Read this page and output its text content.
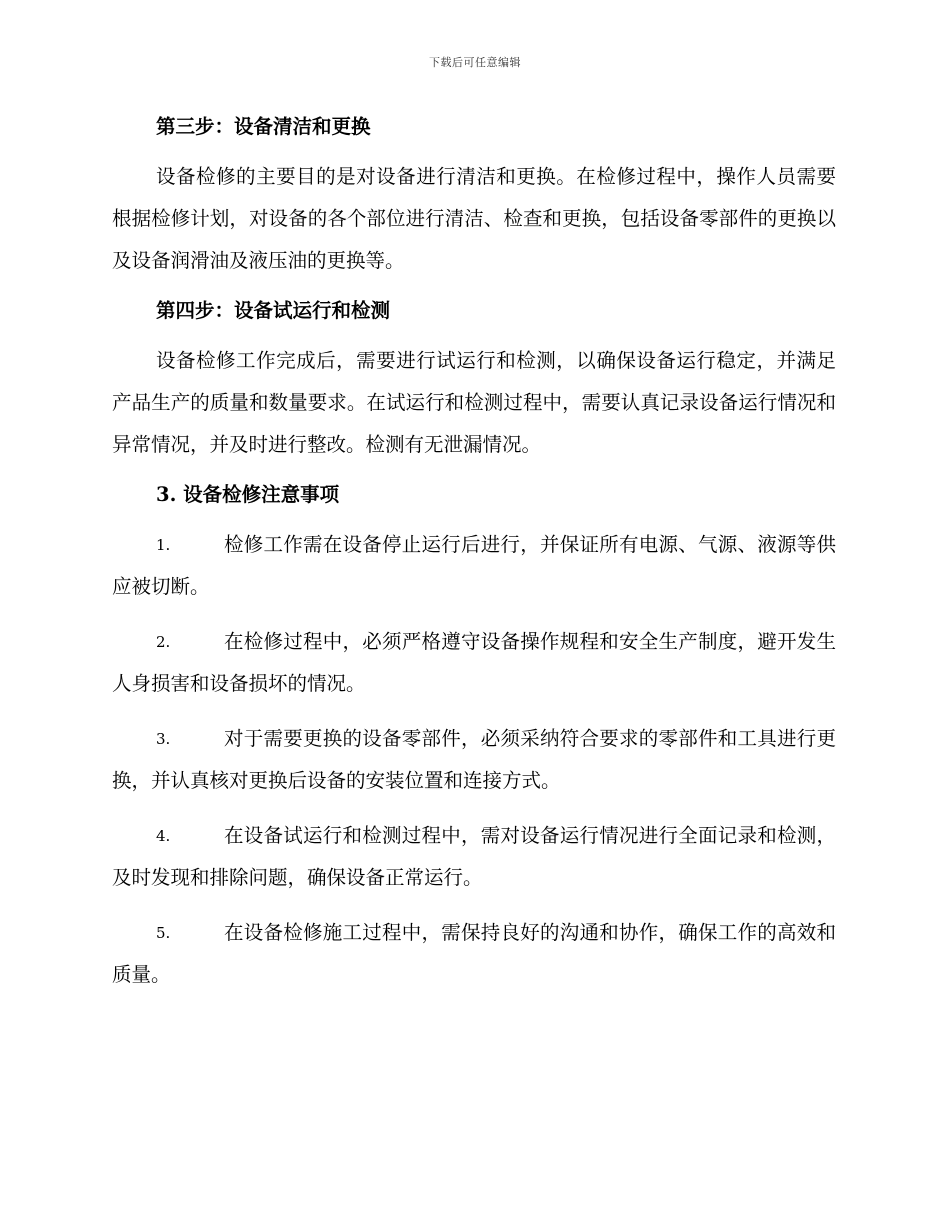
下载后可任意编辑
第三步：设备清洁和更换
设备检修的主要目的是对设备进行清洁和更换。在检修过程中，操作人员需要根据检修计划，对设备的各个部位进行清洁、检查和更换，包括设备零部件的更换以及设备润滑油及液压油的更换等。
第四步：设备试运行和检测
设备检修工作完成后，需要进行试运行和检测，以确保设备运行稳定，并满足产品生产的质量和数量要求。在试运行和检测过程中，需要认真记录设备运行情况和异常情况，并及时进行整改。检测有无泄漏情况。
3. 设备检修注意事项
1.	检修工作需在设备停止运行后进行，并保证所有电源、气源、液源等供应被切断。
2.	在检修过程中，必须严格遵守设备操作规程和安全生产制度，避开发生人身损害和设备损坏的情况。
3.	对于需要更换的设备零部件，必须采纳符合要求的零部件和工具进行更换，并认真核对更换后设备的安装位置和连接方式。
4.	在设备试运行和检测过程中，需对设备运行情况进行全面记录和检测，及时发现和排除问题，确保设备正常运行。
5.	在设备检修施工过程中，需保持良好的沟通和协作，确保工作的高效和质量。
